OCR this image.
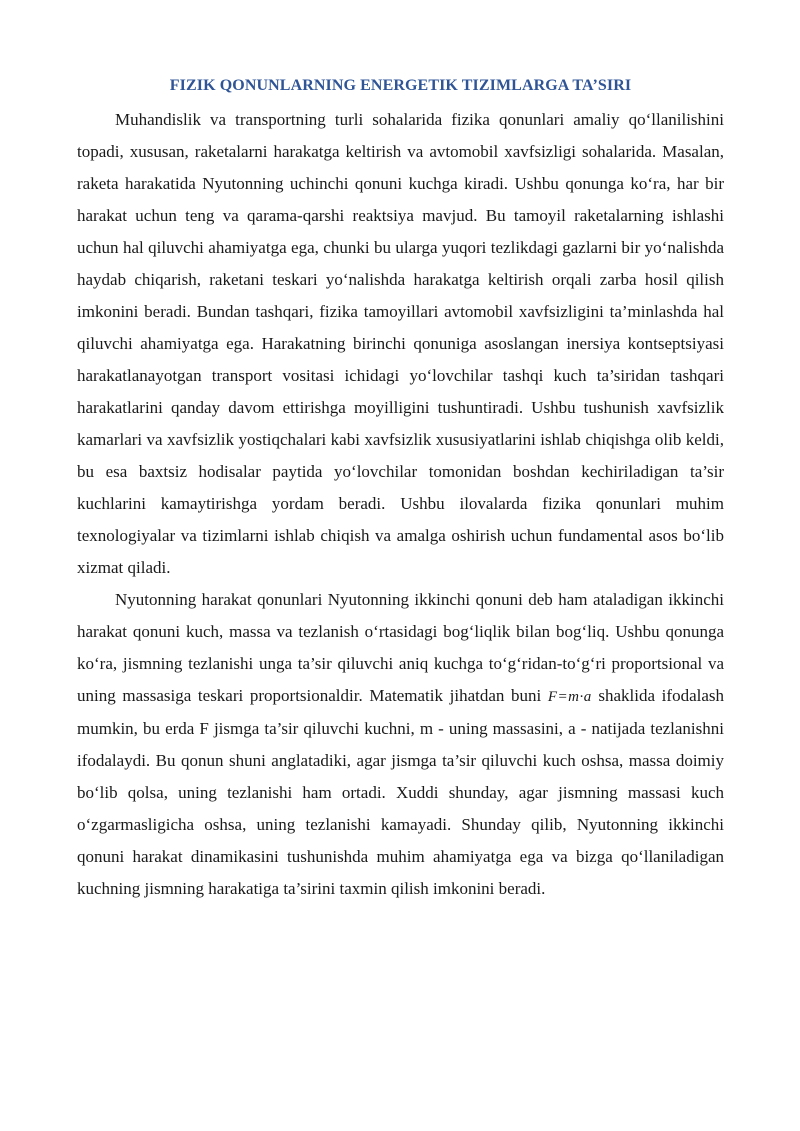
FIZIK QONUNLARNING ENERGETIK TIZIMLARGA TA’SIRI

Muhandislik va transportning turli sohalarida fizika qonunlari amaliy qo‘llanilishini topadi, xususan, raketalarni harakatga keltirish va avtomobil xavfsizligi sohalarida. Masalan, raketa harakatida Nyutonning uchinchi qonuni kuchga kiradi. Ushbu qonunga ko‘ra, har bir harakat uchun teng va qarama-qarshi reaktsiya mavjud. Bu tamoyil raketalarning ishlashi uchun hal qiluvchi ahamiyatga ega, chunki bu ularga yuqori tezlikdagi gazlarni bir yo‘nalishda haydab chiqarish, raketani teskari yo‘nalishda harakatga keltirish orqali zarba hosil qilish imkonini beradi. Bundan tashqari, fizika tamoyillari avtomobil xavfsizligini ta’minlashda hal qiluvchi ahamiyatga ega. Harakatning birinchi qonuniga asoslangan inersiya kontseptsiyasi harakatlanayotgan transport vositasi ichidagi yo‘lovchilar tashqi kuch ta’siridan tashqari harakatlarini qanday davom ettirishga moyilligini tushuntiradi. Ushbu tushunish xavfsizlik kamarlari va xavfsizlik yostiqchalari kabi xavfsizlik xususiyatlarini ishlab chiqishga olib keldi, bu esa baxtsiz hodisalar paytida yo‘lovchilar tomonidan boshdan kechiriladigan ta’sir kuchlarini kamaytirishga yordam beradi. Ushbu ilovalarda fizika qonunlari muhim texnologiyalar va tizimlarni ishlab chiqish va amalga oshirish uchun fundamental asos bo‘lib xizmat qiladi.

Nyutonning harakat qonunlari Nyutonning ikkinchi qonuni deb ham ataladigan ikkinchi harakat qonuni kuch, massa va tezlanish o‘rtasidagi bog‘liqlik bilan bog‘liq. Ushbu qonunga ko‘ra, jismning tezlanishi unga ta’sir qiluvchi aniq kuchga to‘g‘ridan-to‘g‘ri proportsional va uning massasiga teskari proportsionaldir. Matematik jihatdan buni F=m·a shaklida ifodalash mumkin, bu erda F jismga ta’sir qiluvchi kuchni, m - uning massasini, a - natijada tezlanishni ifodalaydi. Bu qonun shuni anglatadiki, agar jismga ta’sir qiluvchi kuch oshsa, massa doimiy bo‘lib qolsa, uning tezlanishi ham ortadi. Xuddi shunday, agar jismning massasi kuch o‘zgarmasligicha oshsa, uning tezlanishi kamayadi. Shunday qilib, Nyutonning ikkinchi qonuni harakat dinamikasini tushunishda muhim ahamiyatga ega va bizga qo‘llaniladigan kuchning jismning harakatiga ta’sirini taxmin qilish imkonini beradi.
